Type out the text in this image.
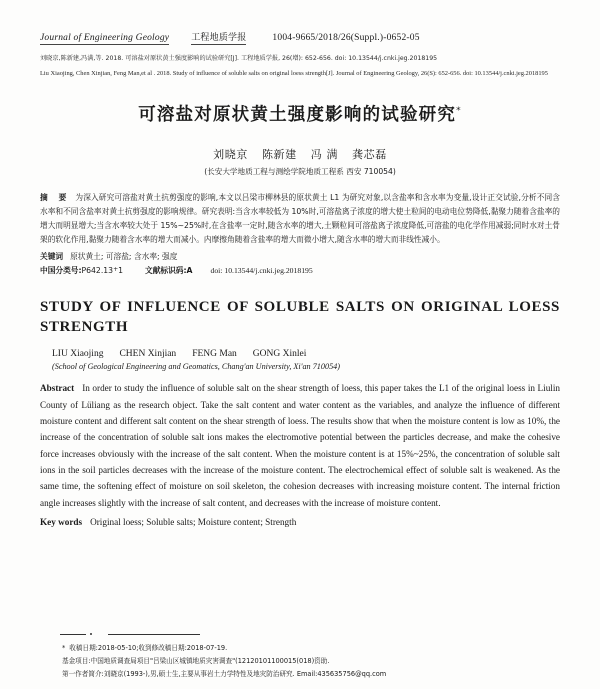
Journal of Engineering Geology 工程地质学报	1004-9665/2018/26(Suppl.)-0652-05
刘晓京,陈新建,冯满,等. 2018. 可溶盐对原状黄土强度影响的试验研究[J]. 工程地质学报, 26(增): 652-656. doi: 10.13544/j.cnki.jeg.2018195
Liu Xiaojing, Chen Xinjian, Feng Man,et al . 2018. Study of influence of soluble salts on original loess strength[J]. Journal of Engineering Geology, 26(S): 652-656. doi: 10.13544/j.cnki.jeg.2018195
可溶盐对原状黄土强度影响的试验研究*
刘晓京 陈新建 冯 满 龚芯磊
(长安大学地质工程与测绘学院地质工程系 西安 710054)
摘 要 为深入研究可溶盐对黄土抗剪强度的影响,本文以吕梁市柳林县的原状黄土 L1 为研究对象,以含盐率和含水率为变量,设计正交试验,分析不同含水率和不同含盐率对黄土抗剪强度的影响规律。研究表明:当含水率较低为 10%时,可溶盐离子浓度的增大使土粒间的电动电位势降低,黏聚力随着含盐率的增大而明显增大;当含水率较大处于 15%~25%时,在含盐率一定时,随含水率的增大,土颗粒间可溶盐离子浓度降低,可溶盐的电化学作用减弱;同时水对土骨架的软化作用,黏聚力随着含水率的增大而减小。内摩擦角随着含盐率的增大而微小增大,随含水率的增大而非线性减小。
关键词 原状黄土; 可溶盐; 含水率; 强度
中国分类号: P642.13 + 1	文献标识码: A doi: 10.13544/j.cnki.jeg.2018195
STUDY OF INFLUENCE OF SOLUBLE SALTS ON ORIGINAL LOESS STRENGTH
LIU Xiaojing CHEN Xinjian FENG Man GONG Xinlei
(School of Geological Engineering and Geomatics, Chang'an University, Xi'an 710054)
Abstract In order to study the influence of soluble salt on the shear strength of loess, this paper takes the L1 of the original loess in Liulin County of Lüliang as the research object. Take the salt content and water content as the variables, and analyze the influence of different moisture content and different salt content on the shear strength of loess. The results show that when the moisture content is low as 10%, the increase of the concentration of soluble salt ions makes the electromotive potential between the particles decrease, and make the cohesive force increases obviously with the increase of the salt content. When the moisture content is at 15%~25%, the concentration of soluble salt ions in the soil particles decreases with the increase of the moisture content. The electrochemical effect of soluble salt is weakened. As the same time, the softening effect of moisture on soil skeleton, the cohesion decreases with increasing moisture content. The internal friction angle increases slightly with the increase of salt content, and decreases with the increase of moisture content.
Key words Original loess; Soluble salts; Moisture content; Strength
* 收稿日期:2018-05-10;收到修改稿日期:2018-07-19.
基金项目:中国地质调查局项目"吕梁山区城镇地质灾害调查"(12120101100015(018)资助.
第一作者简介:刘晓京(1993-),男,硕士生,主要从事岩土力学特性及地灾防治研究. Email:435635756@qq.com
